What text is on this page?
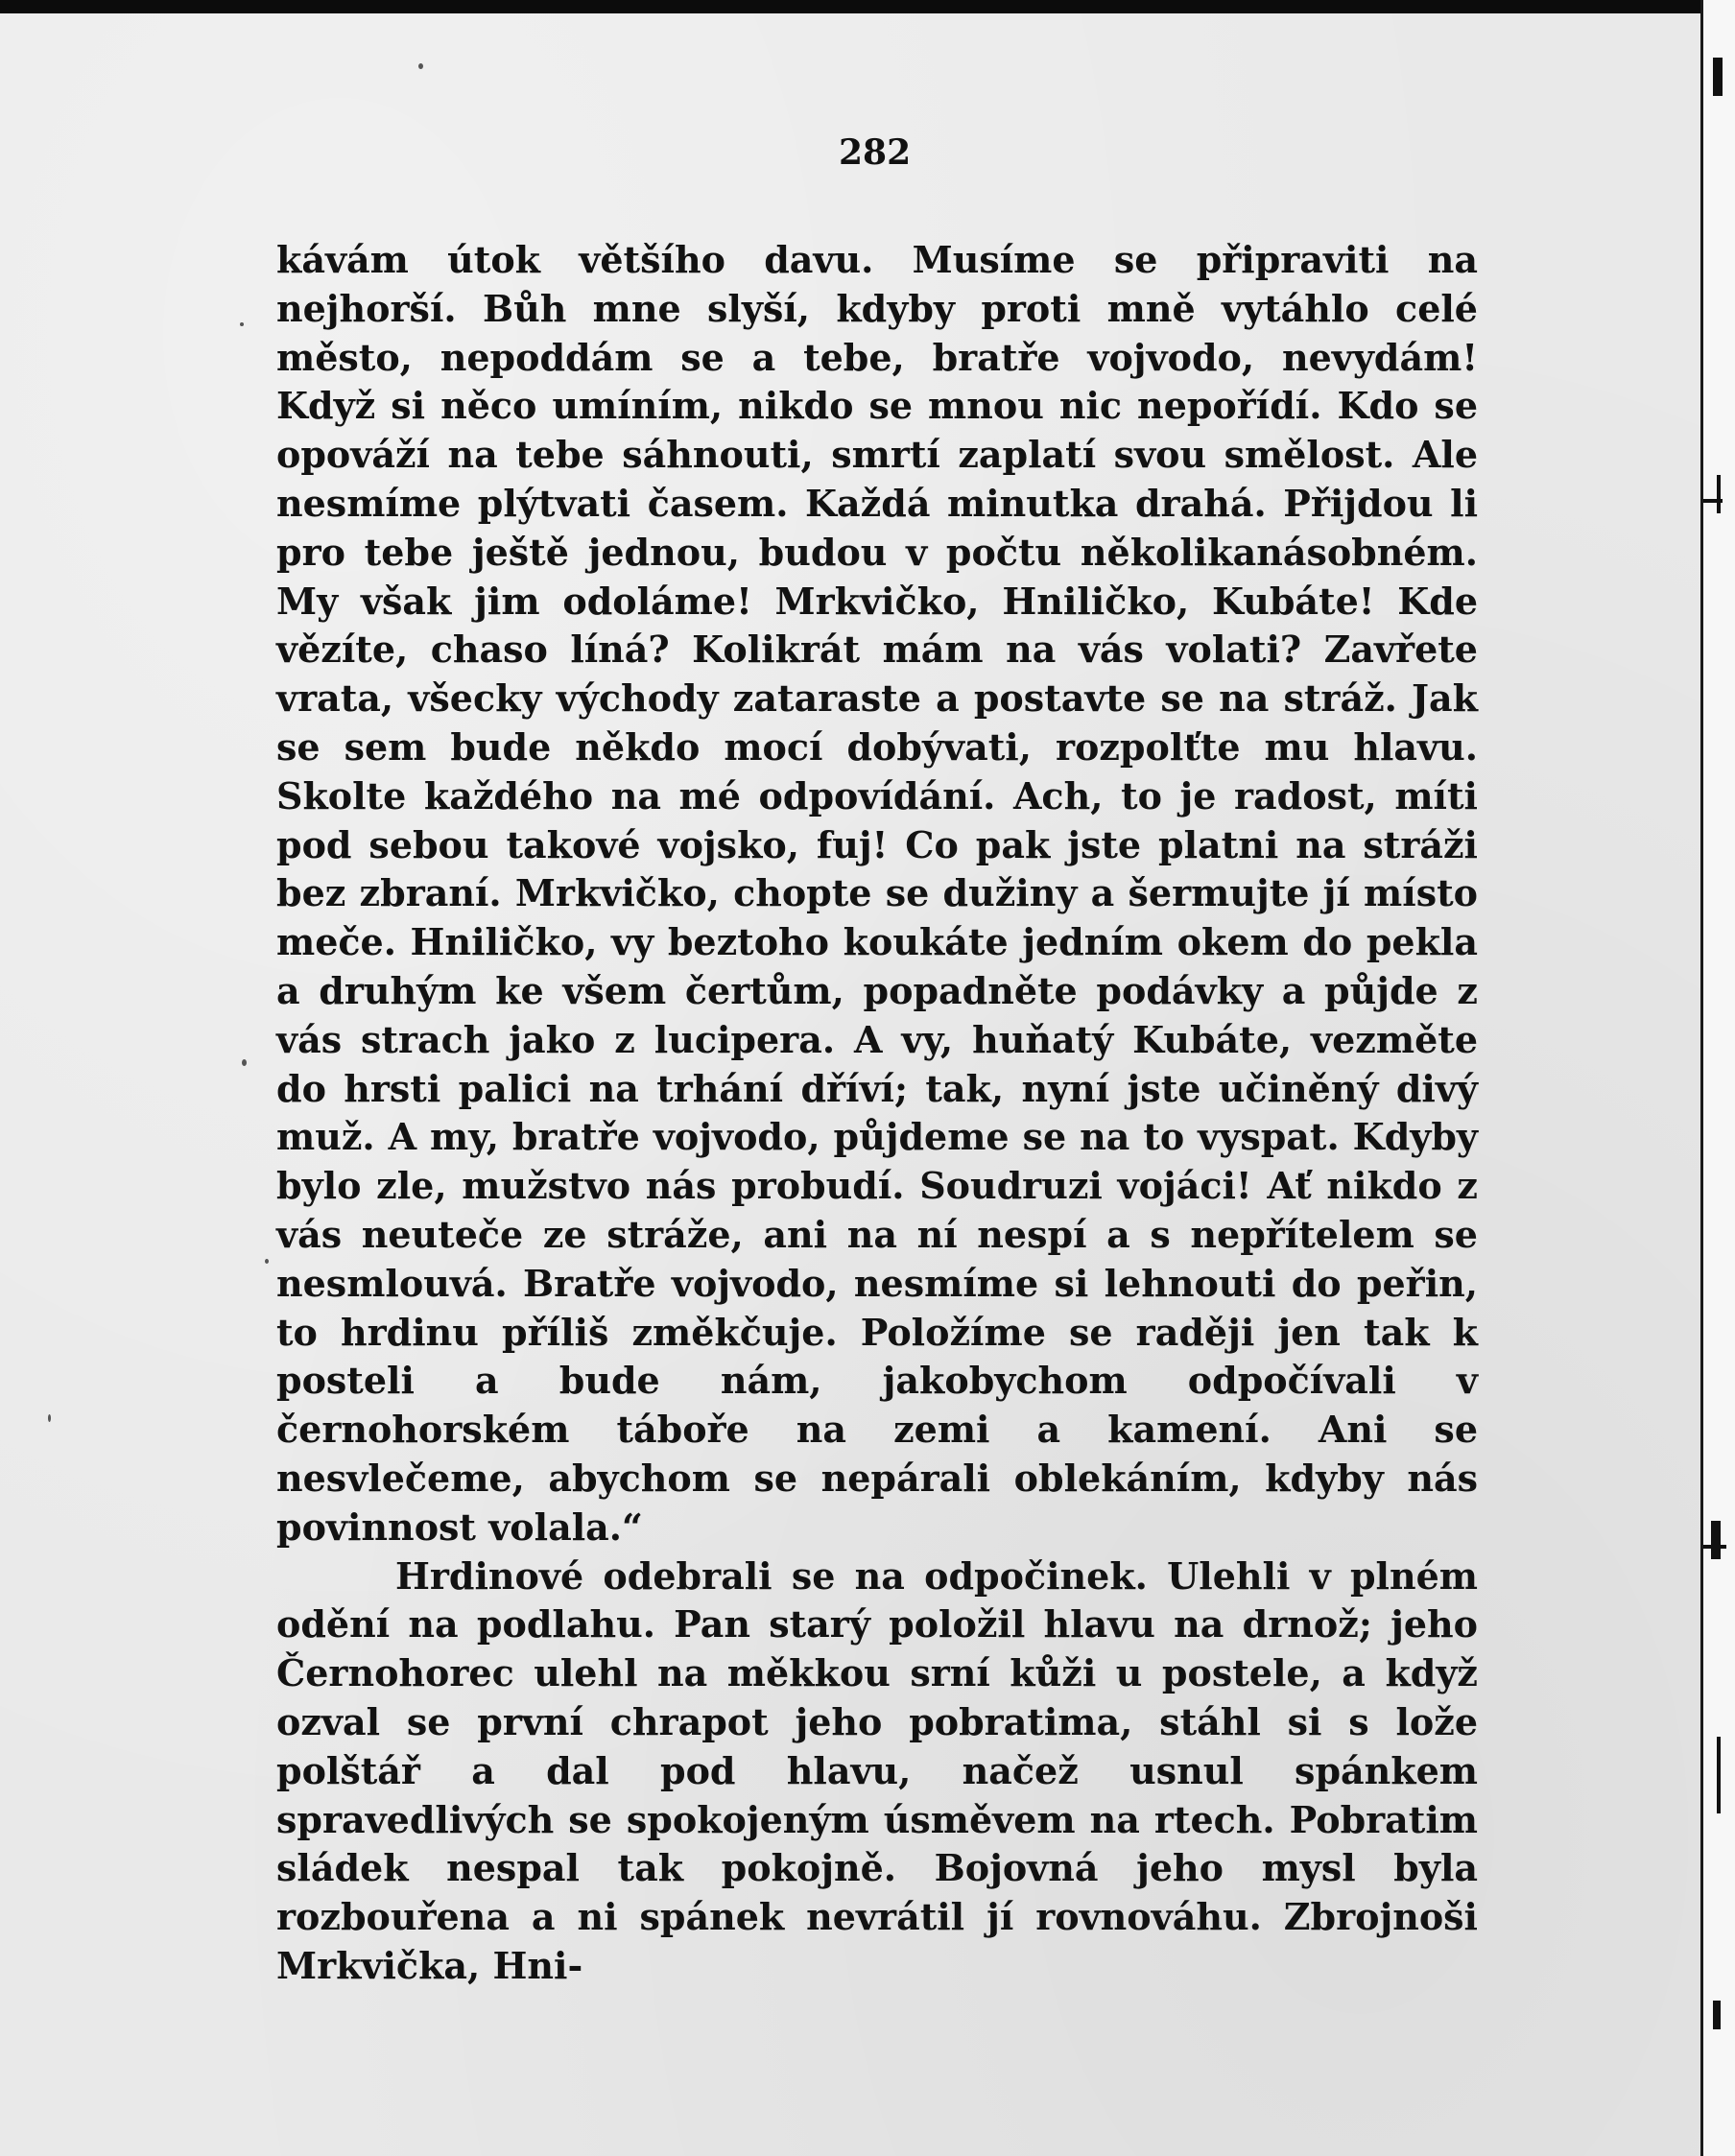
282

kávám útok většího davu. Musíme se připraviti na nejhorší. Bůh mne slyší, kdyby proti mně vytáhlo celé město, nepoddám se a tebe, bratře vojvodo, nevydám! Když si něco umíním, nikdo se mnou nic nepořídí. Kdo se opováží na tebe sáhnouti, smrtí zaplatí svou smělost. Ale nesmíme plýtvati časem. Každá minutka drahá. Přijdou li pro tebe ještě jednou, budou v počtu několikanásobném. My však jim odoláme! Mrkvičko, Hniličko, Kubáte! Kde vězíte, chaso líná? Kolikrát mám na vás volati? Zavřete vrata, všecky východy zataraste a postavte se na stráž. Jak se sem bude někdo mocí dobývati, rozpolťte mu hlavu. Skolte každého na mé odpovídání. Ach, to je radost, míti pod sebou takové vojsko, fuj! Co pak jste platni na stráži bez zbraní. Mrkvičko, chopte se dužiny a šermujte jí místo meče. Hniličko, vy beztoho koukáte jedním okem do pekla a druhým ke všem čertům, popadněte podávky a půjde z vás strach jako z lucipera. A vy, huňatý Kubáte, vezměte do hrsti palici na trhání dříví; tak, nyní jste učiněný divý muž. A my, bratře vojvodo, půjdeme se na to vyspat. Kdyby bylo zle, mužstvo nás probudí. Soudruzi vojáci! Ať nikdo z vás neuteče ze stráže, ani na ní nespí a s nepřítelem se nesmlouvá. Bratře vojvodo, nesmíme si lehnouti do peřin, to hrdinu příliš změkčuje. Položíme se raději jen tak k posteli a bude nám, jakobychom odpočívali v černohorském táboře na zemi a kamení. Ani se nesvlečeme, abychom se nepárali oblekáním, kdyby nás povinnost volala.“

Hrdinové odebrali se na odpočinek. Ulehli v plném odění na podlahu. Pan starý položil hlavu na drnož; jeho Černohorec ulehl na měkkou srní kůži u postele, a když ozval se první chrapot jeho pobratima, stáhl si s lože polštář a dal pod hlavu, načež usnul spánkem spravedlivých se spokojeným úsměvem na rtech. Pobratim sládek nespal tak pokojně. Bojovná jeho mysl byla rozbouřena a ni spánek nevrátil jí rovnováhu. Zbrojnoši Mrkvička, Hni-
